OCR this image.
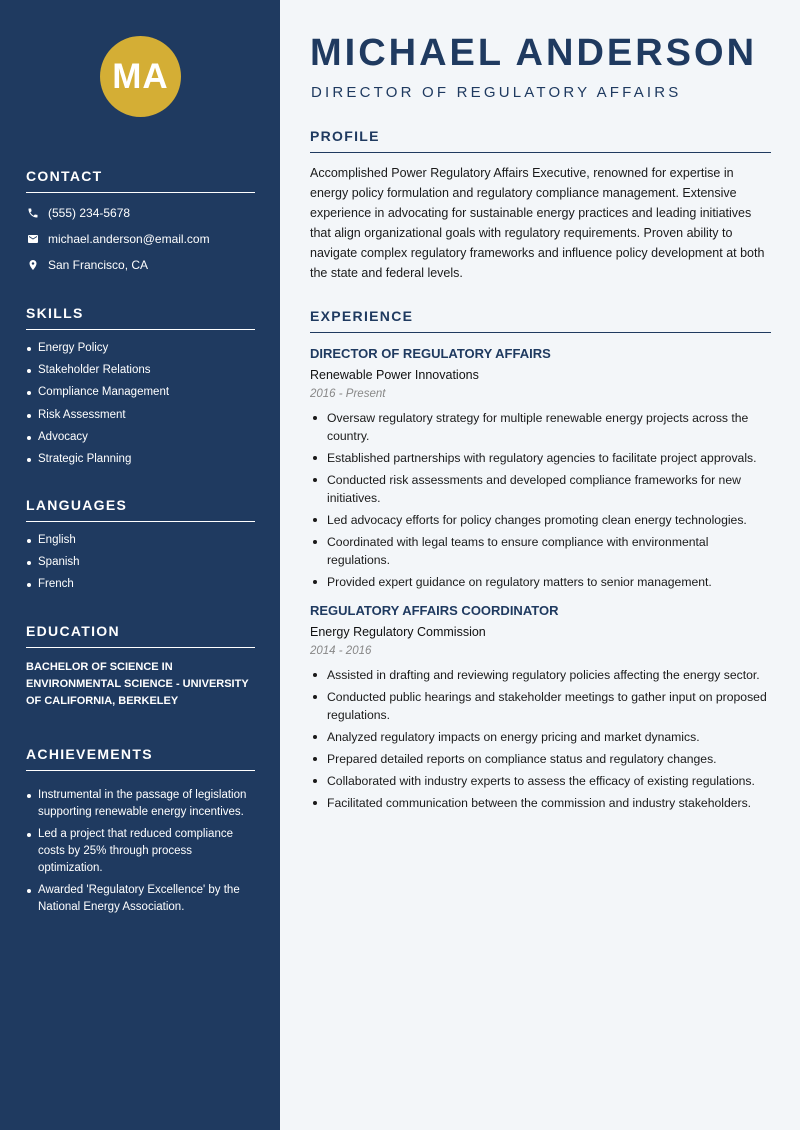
MA
CONTACT
(555) 234-5678
michael.anderson@email.com
San Francisco, CA
SKILLS
Energy Policy
Stakeholder Relations
Compliance Management
Risk Assessment
Advocacy
Strategic Planning
LANGUAGES
English
Spanish
French
EDUCATION
BACHELOR OF SCIENCE IN ENVIRONMENTAL SCIENCE - UNIVERSITY OF CALIFORNIA, BERKELEY
ACHIEVEMENTS
Instrumental in the passage of legislation supporting renewable energy incentives.
Led a project that reduced compliance costs by 25% through process optimization.
Awarded 'Regulatory Excellence' by the National Energy Association.
MICHAEL ANDERSON
DIRECTOR OF REGULATORY AFFAIRS
PROFILE
Accomplished Power Regulatory Affairs Executive, renowned for expertise in energy policy formulation and regulatory compliance management. Extensive experience in advocating for sustainable energy practices and leading initiatives that align organizational goals with regulatory requirements. Proven ability to navigate complex regulatory frameworks and influence policy development at both the state and federal levels.
EXPERIENCE
DIRECTOR OF REGULATORY AFFAIRS
Renewable Power Innovations
2016 - Present
Oversaw regulatory strategy for multiple renewable energy projects across the country.
Established partnerships with regulatory agencies to facilitate project approvals.
Conducted risk assessments and developed compliance frameworks for new initiatives.
Led advocacy efforts for policy changes promoting clean energy technologies.
Coordinated with legal teams to ensure compliance with environmental regulations.
Provided expert guidance on regulatory matters to senior management.
REGULATORY AFFAIRS COORDINATOR
Energy Regulatory Commission
2014 - 2016
Assisted in drafting and reviewing regulatory policies affecting the energy sector.
Conducted public hearings and stakeholder meetings to gather input on proposed regulations.
Analyzed regulatory impacts on energy pricing and market dynamics.
Prepared detailed reports on compliance status and regulatory changes.
Collaborated with industry experts to assess the efficacy of existing regulations.
Facilitated communication between the commission and industry stakeholders.
